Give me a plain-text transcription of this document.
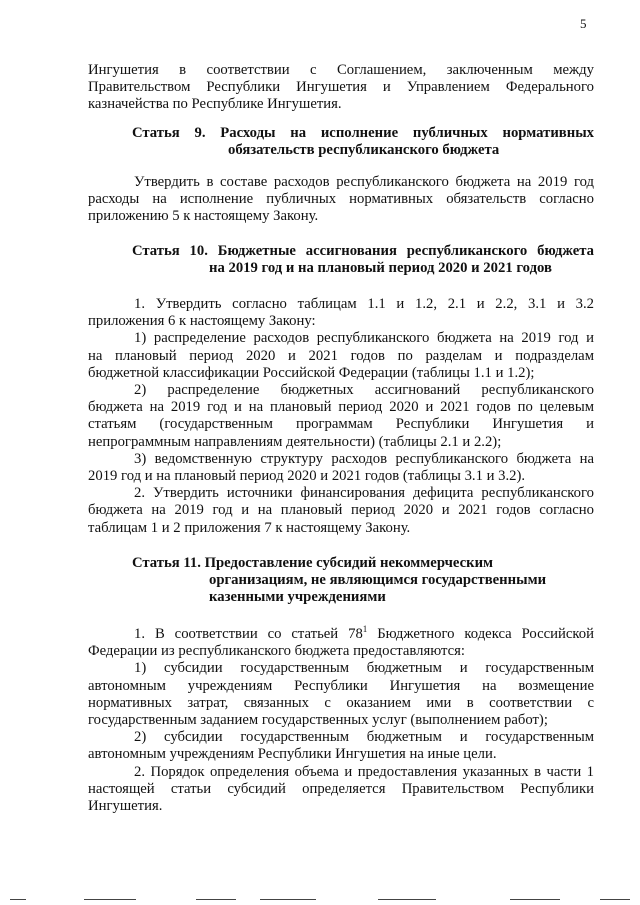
5
Ингушетия в соответствии с Соглашением, заключенным между
Правительством Республики Ингушетия и Управлением Федерального
казначейства по Республике Ингушетия.
Статья 9. Расходы на исполнение публичных нормативных
обязательств республиканского бюджета
Утвердить в составе расходов республиканского бюджета на 2019 год
расходы на исполнение публичных нормативных обязательств согласно
приложению 5 к настоящему Закону.
Статья 10. Бюджетные ассигнования республиканского бюджета
на 2019 год и на плановый период 2020 и 2021 годов
1. Утвердить согласно таблицам 1.1 и 1.2, 2.1 и 2.2, 3.1 и 3.2
приложения 6 к настоящему Закону:
1) распределение расходов республиканского бюджета на 2019 год и
на плановый период 2020 и 2021 годов по разделам и подразделам
бюджетной классификации Российской Федерации (таблицы 1.1 и 1.2);
2) распределение бюджетных ассигнований республиканского
бюджета на 2019 год и на плановый период 2020 и 2021 годов по целевым
статьям (государственным программам Республики Ингушетия и
непрограммным направлениям деятельности) (таблицы 2.1 и 2.2);
3) ведомственную структуру расходов республиканского бюджета на
2019 год и на плановый период 2020 и 2021 годов (таблицы 3.1 и 3.2).
2. Утвердить источники финансирования дефицита республиканского
бюджета на 2019 год и на плановый период 2020 и 2021 годов согласно
таблицам 1 и 2 приложения 7 к настоящему Закону.
Статья 11. Предоставление субсидий некоммерческим
организациям, не являющимся государственными
казенными учреждениями
1. В соответствии со статьей $78^1$ Бюджетного кодекса Российской
Федерации из республиканского бюджета предоставляются:
1) субсидии государственным бюджетным и государственным
автономным учреждениям Республики Ингушетия на возмещение
нормативных затрат, связанных с оказанием ими в соответствии с
государственным заданием государственных услуг (выполнением работ);
2) субсидии государственным бюджетным и государственным
автономным учреждениям Республики Ингушетия на иные цели.
2. Порядок определения объема и предоставления указанных в части 1
настоящей статьи субсидий определяется Правительством Республики
Ингушетия.
